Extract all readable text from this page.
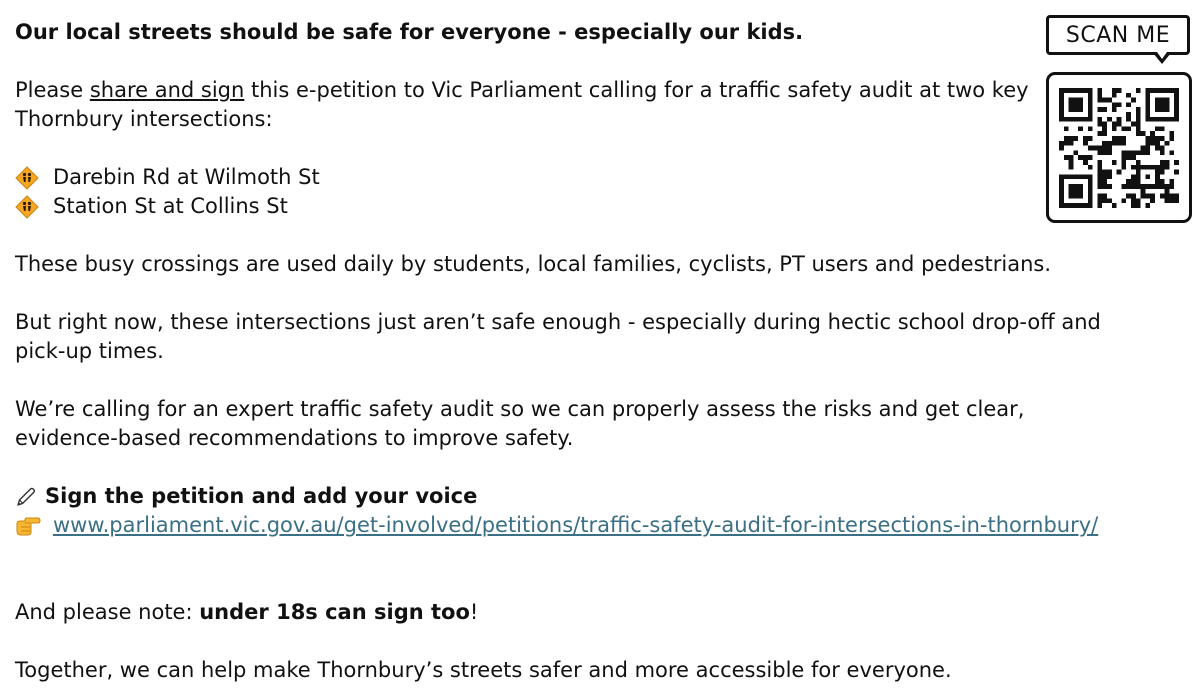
Our local streets should be safe for everyone - especially our kids.

Please share and sign this e-petition to Vic Parliament calling for a traffic safety audit at two key Thornbury intersections:

Darebin Rd at Wilmoth St
Station St at Collins St

These busy crossings are used daily by students, local families, cyclists, PT users and pedestrians.

But right now, these intersections just aren’t safe enough - especially during hectic school drop-off and pick-up times.

We’re calling for an expert traffic safety audit so we can properly assess the risks and get clear, evidence-based recommendations to improve safety.

Sign the petition and add your voice
www.parliament.vic.gov.au/get-involved/petitions/traffic-safety-audit-for-intersections-in-thornbury/

And please note: under 18s can sign too!

Together, we can help make Thornbury’s streets safer and more accessible for everyone.

SCAN ME
